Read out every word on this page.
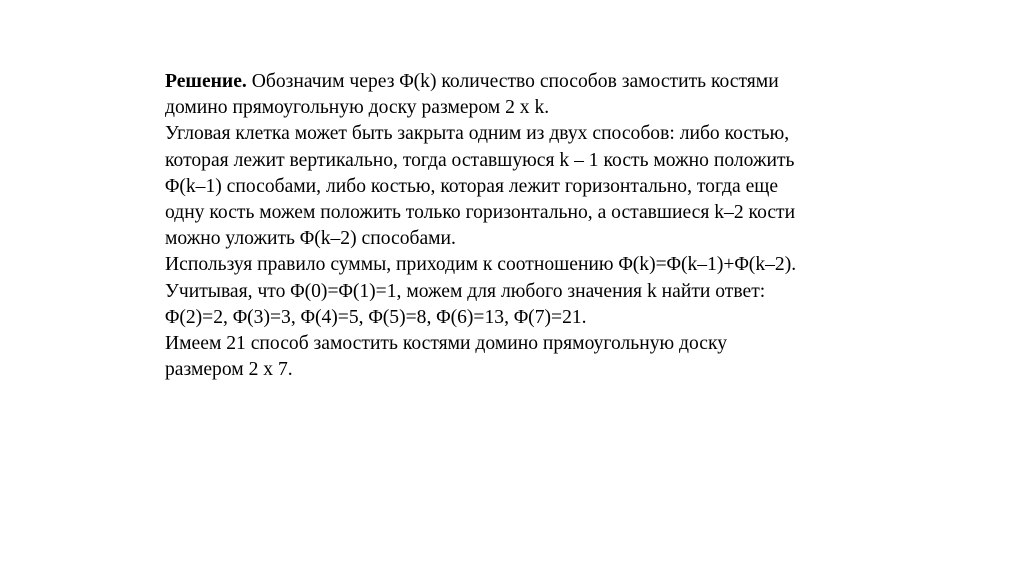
Решение. Обозначим через Φ(k) количество способов замостить костями
домино прямоугольную доску размером 2 x k.
Угловая клетка может быть закрыта одним из двух способов: либо костью,
которая лежит вертикально, тогда оставшуюся k – 1 кость можно положить
Φ(k–1) способами, либо костью, которая лежит горизонтально, тогда еще
одну кость можем положить только горизонтально, а оставшиеся k–2 кости
можно уложить Φ(k–2) способами.
Используя правило суммы, приходим к соотношению Φ(k)=Φ(k–1)+Φ(k–2).
Учитывая, что Φ(0)=Φ(1)=1, можем для любого значения k найти ответ:
Φ(2)=2, Φ(3)=3, Φ(4)=5, Φ(5)=8, Φ(6)=13, Φ(7)=21.
Имеем 21 способ замостить костями домино прямоугольную доску
размером 2 x 7.
